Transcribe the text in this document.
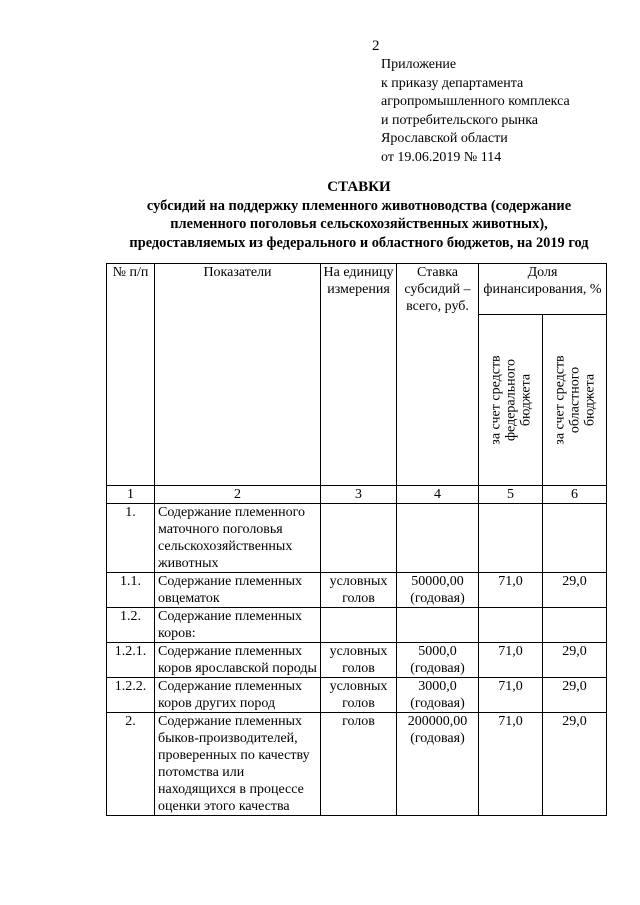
2
Приложение
к приказу департамента
агропромышленного комплекса
и потребительского рынка
Ярославской области
от 19.06.2019 № 114
СТАВКИ
субсидий на поддержку племенного животноводства (содержание
племенного поголовья сельскохозяйственных животных),
предоставляемых из федерального и областного бюджетов, на 2019 год
№ п/п	Показатели	На единицу измерения	Ставка субсидий – всего, руб.	Доля финансирования, %	

				за счет средств федерального бюджета	за счет средств областного бюджета

1	2	3	4	5	6
1.	Содержание племенного маточного поголовья сельскохозяйственных животных				
1.1.	Содержание племенных овцематок	условных голов	50000,00 (годовая)	71,0	29,0
1.2.	Содержание племенных коров:				
1.2.1.	Содержание племенных коров ярославской породы	условных голов	5000,0 (годовая)	71,0	29,0
1.2.2.	Содержание племенных коров других пород	условных голов	3000,0 (годовая)	71,0	29,0
2.	Содержание племенных быков-производителей, проверенных по качеству потомства или находящихся в процессе оценки этого качества	голов	200000,00 (годовая)	71,0	29,0
